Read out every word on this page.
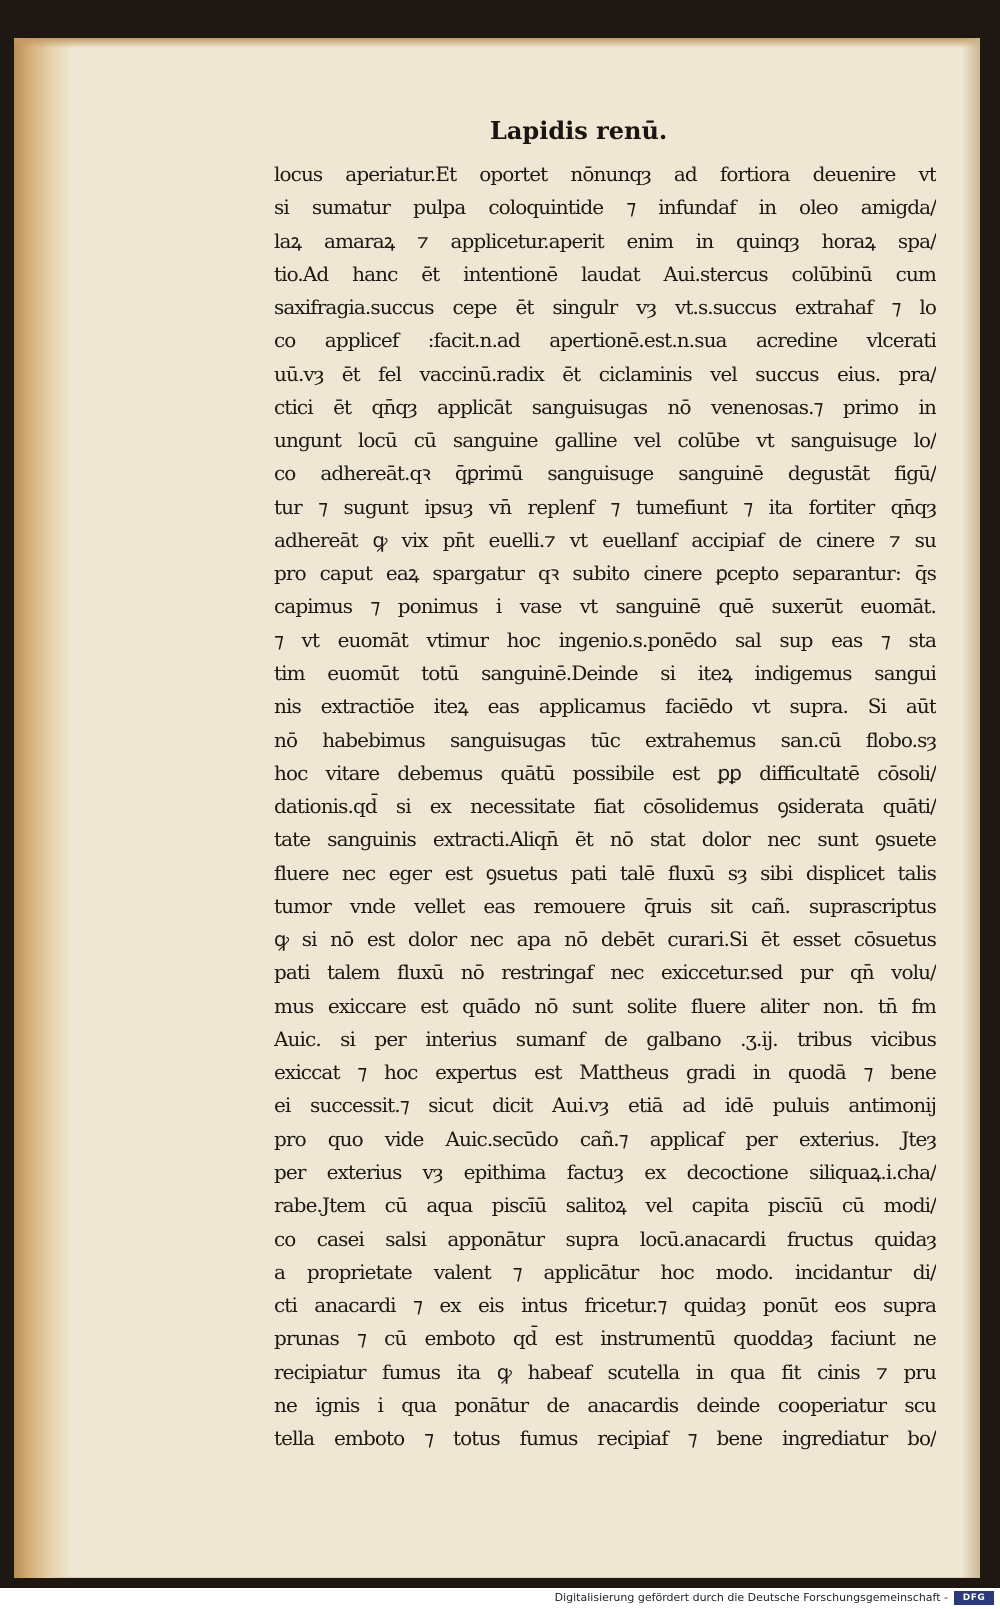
Lapidis renū.
locus aperiatur.Et oportet nōnunqȝ ad fortiora deuenire vt
si sumatur pulpa coloquintide ⁊ infundaf in oleo amigda/
laꝝ amaraꝝ ⁊ applicetur.aperit enim in quinqȝ horaꝝ spa/
tio.Ad hanc ēt intentionē laudat Aui.stercus colūbinū cum
saxifragia.succus cepe ēt singulr vȝ vt.s.succus extrahaf ⁊ lo
co applicef :facit.n.ad apertionē.est.n.sua acredine vlcerati
uū.vȝ ēt fel vaccinū.radix ēt ciclaminis vel succus eius. pra/
ctici ēt qn̄qȝ applicāt sanguisugas nō venenosas.⁊ primo in
ungunt locū cū sanguine galline vel colūbe vt sanguisuge lo/
co adhereāt.qꝛ q̄ꝑrimū sanguisuge sanguinē degustāt figū/
tur ⁊ sugunt ipsuȝ vn̄ replenf ⁊ tumefiunt ⁊ ita fortiter qn̄qȝ
adhereāt ꝙ vix pn̄t euelli.⁊ vt euellanf accipiaf de cinere ⁊ su
pro caput eaꝝ spargatur qꝛ subito cinere ꝑcepto separantur: q̄s
capimus ⁊ ponimus i vase vt sanguinē quē suxerūt euomāt.
⁊ vt euomāt vtimur hoc ingenio.s.ponēdo sal sup eas ⁊ sta
tim euomūt totū sanguinē.Deinde si iteꝝ indigemus sangui
nis extractiōe iteꝝ eas applicamus faciēdo vt supra. Si aūt
nō habebimus sanguisugas tūc extrahemus san.cū flobo.sȝ
hoc vitare debemus quātū possibile est ꝑꝑ difficultatē cōsoli/
dationis.qd̄ si ex necessitate fiat cōsolidemus ꝯsiderata quāti/
tate sanguinis extracti.Aliqn̄ ēt nō stat dolor nec sunt ꝯsuete
fluere nec eger est ꝯsuetus pati talē fluxū sȝ sibi displicet talis
tumor vnde vellet eas remouere q̄ruis sit cañ. suprascriptus
ꝙ si nō est dolor nec apa nō debēt curari.Si ēt esset cōsuetus
pati talem fluxū nō restringaf nec exiccetur.sed pur qn̄ volu/
mus exiccare est quādo nō sunt solite fluere aliter non. tn̄ fm
Auic. si per interius sumanf de galbano .ʒ.ij. tribus vicibus
exiccat ⁊ hoc expertus est Mattheus gradi in quodā ⁊ bene
ei successit.⁊ sicut dicit Aui.vȝ etiā ad idē puluis antimonij
pro quo vide Auic.secūdo cañ.⁊ applicaf per exterius. Jteȝ
per exterius vȝ epithima factuȝ ex decoctione siliquaꝝ.i.cha/
rabe.Jtem cū aqua piscīū salitoꝝ vel capita piscīū cū modi/
co casei salsi apponātur supra locū.anacardi fructus quidaȝ
a proprietate valent ⁊ applicātur hoc modo. incidantur di/
cti anacardi ⁊ ex eis intus fricetur.⁊ quidaȝ ponūt eos supra
prunas ⁊ cū emboto qd̄ est instrumentū quoddaȝ faciunt ne
recipiatur fumus ita ꝙ habeaf scutella in qua fit cinis ⁊ pru
ne ignis i qua ponātur de anacardis deinde cooperiatur scu
tella emboto ⁊ totus fumus recipiaf ⁊ bene ingrediatur bo/
Digitalisierung gefördert durch die Deutsche Forschungsgemeinschaft -	DFG
